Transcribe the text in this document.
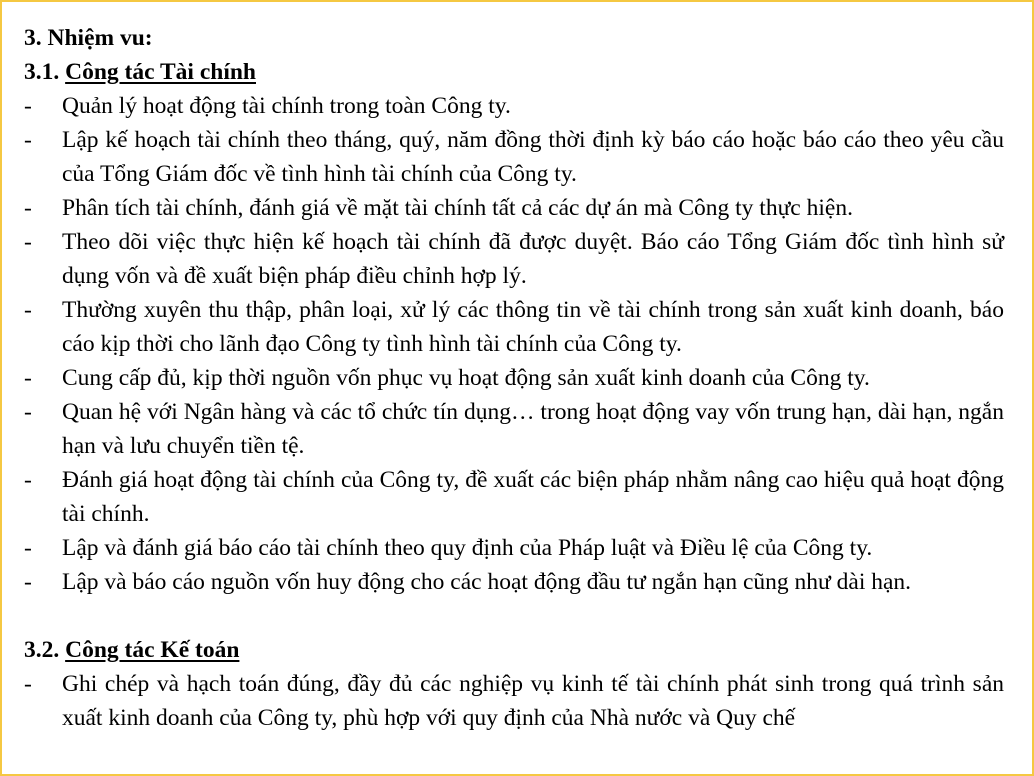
3. Nhiệm vu:
3.1. Công tác Tài chính
- Quản lý hoạt động tài chính trong toàn Công ty.
- Lập kế hoạch tài chính theo tháng, quý, năm đồng thời định kỳ báo cáo hoặc báo cáo theo yêu cầu của Tổng Giám đốc về tình hình tài chính của Công ty.
- Phân tích tài chính, đánh giá về mặt tài chính tất cả các dự án mà Công ty thực hiện.
- Theo dõi việc thực hiện kế hoạch tài chính đã được duyệt. Báo cáo Tổng Giám đốc tình hình sử dụng vốn và đề xuất biện pháp điều chỉnh hợp lý.
- Thường xuyên thu thập, phân loại, xử lý các thông tin về tài chính trong sản xuất kinh doanh, báo cáo kịp thời cho lãnh đạo Công ty tình hình tài chính của Công ty.
- Cung cấp đủ, kịp thời nguồn vốn phục vụ hoạt động sản xuất kinh doanh của Công ty.
- Quan hệ với Ngân hàng và các tổ chức tín dụng… trong hoạt động vay vốn trung hạn, dài hạn, ngắn hạn và lưu chuyển tiền tệ.
- Đánh giá hoạt động tài chính của Công ty, đề xuất các biện pháp nhằm nâng cao hiệu quả hoạt động tài chính.
- Lập và đánh giá báo cáo tài chính theo quy định của Pháp luật và Điều lệ của Công ty.
- Lập và báo cáo nguồn vốn huy động cho các hoạt động đầu tư ngắn hạn cũng như dài hạn.
3.2. Công tác Kế toán
- Ghi chép và hạch toán đúng, đầy đủ các nghiệp vụ kinh tế tài chính phát sinh trong quá trình sản xuất kinh doanh của Công ty, phù hợp với quy định của Nhà nước và Quy chế
